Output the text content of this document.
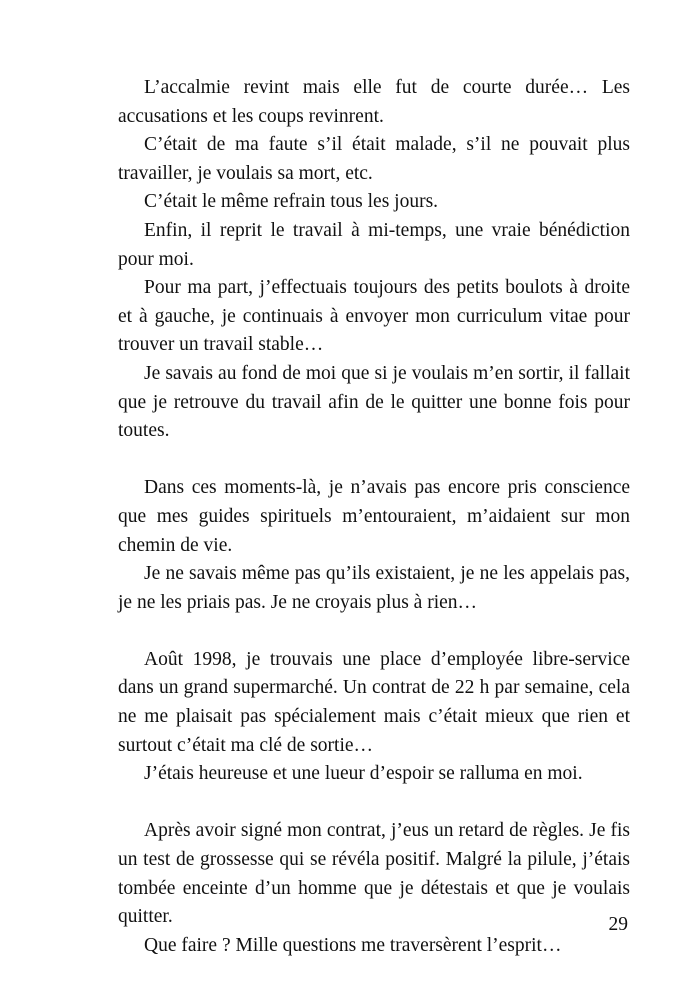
L’accalmie revint mais elle fut de courte durée… Les accusations et les coups revinrent.

C’était de ma faute s’il était malade, s’il ne pouvait plus travailler, je voulais sa mort, etc.

C’était le même refrain tous les jours.

Enfin, il reprit le travail à mi-temps, une vraie bénédiction pour moi.

Pour ma part, j’effectuais toujours des petits boulots à droite et à gauche, je continuais à envoyer mon curriculum vitae pour trouver un travail stable…

Je savais au fond de moi que si je voulais m’en sortir, il fallait que je retrouve du travail afin de le quitter une bonne fois pour toutes.

Dans ces moments-là, je n’avais pas encore pris conscience que mes guides spirituels m’entouraient, m’aidaient sur mon chemin de vie.

Je ne savais même pas qu’ils existaient, je ne les appelais pas, je ne les priais pas. Je ne croyais plus à rien…

Août 1998, je trouvais une place d’employée libre-service dans un grand supermarché. Un contrat de 22 h par semaine, cela ne me plaisait pas spécialement mais c’était mieux que rien et surtout c’était ma clé de sortie…

J’étais heureuse et une lueur d’espoir se ralluma en moi.

Après avoir signé mon contrat, j’eus un retard de règles. Je fis un test de grossesse qui se révéla positif. Malgré la pilule, j’étais tombée enceinte d’un homme que je détestais et que je voulais quitter.

Que faire ? Mille questions me traversèrent l’esprit…

29
